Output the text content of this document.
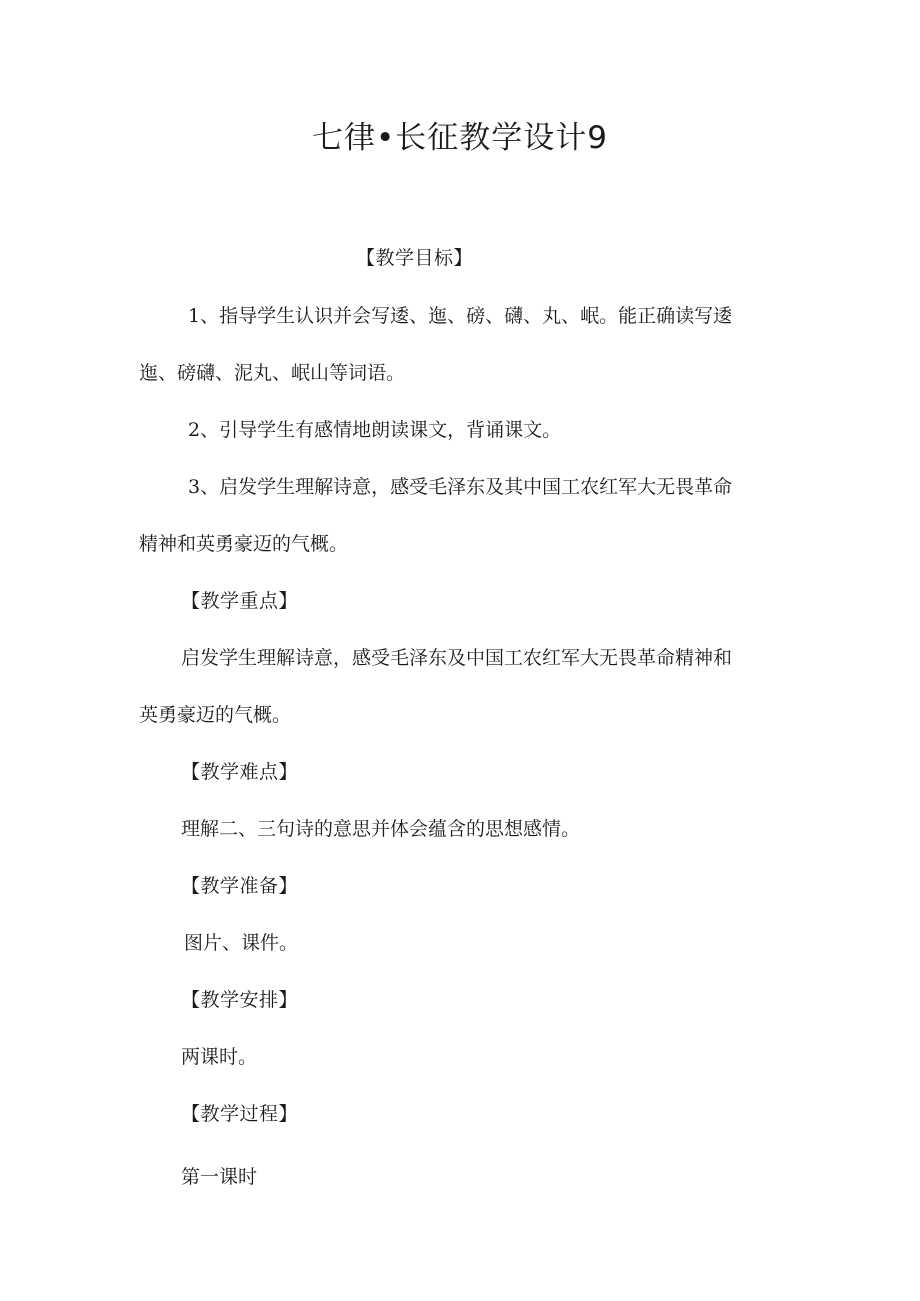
七律•长征教学设计9
【教学目标】
1、指导学生认识并会写逶、迤、磅、礴、丸、岷。能正确读写逶
迤、磅礴、泥丸、岷山等词语。
2、引导学生有感情地朗读课文，背诵课文。
3、启发学生理解诗意，感受毛泽东及其中国工农红军大无畏革命
精神和英勇豪迈的气概。
【教学重点】
启发学生理解诗意，感受毛泽东及中国工农红军大无畏革命精神和
英勇豪迈的气概。
【教学难点】
理解二、三句诗的意思并体会蕴含的思想感情。
【教学准备】
图片、课件。
【教学安排】
两课时。
【教学过程】
第一课时
